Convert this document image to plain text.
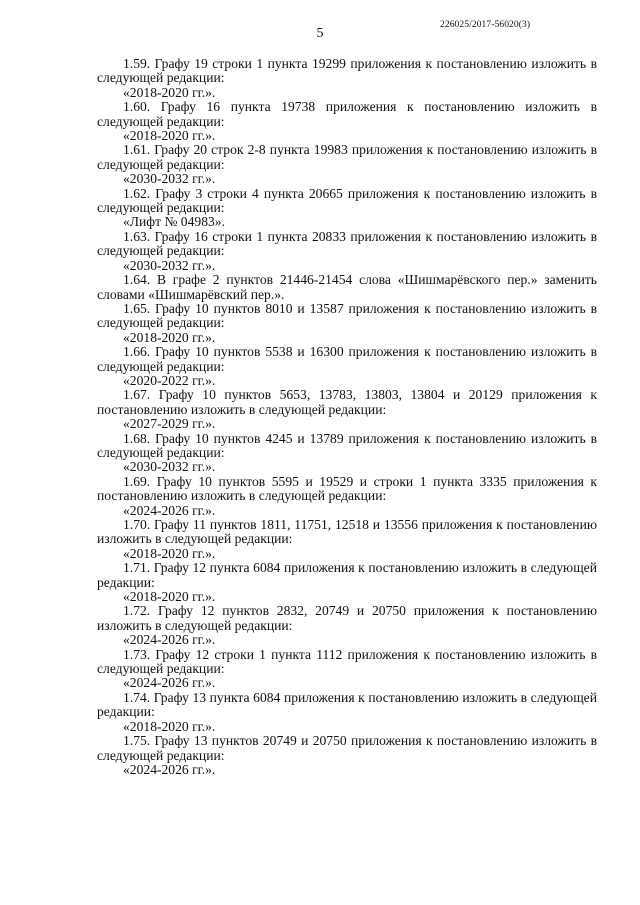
226025/2017-56020(3)
5

1.59. Графу 19 строки 1 пункта 19299 приложения к постановлению изложить в следующей редакции:

«2018-2020 гг.».

1.60. Графу 16 пункта 19738 приложения к постановлению изложить в следующей редакции:

«2018-2020 гг.».

1.61. Графу 20 строк 2-8 пункта 19983 приложения к постановлению изложить в следующей редакции:

«2030-2032 гг.».

1.62. Графу 3 строки 4 пункта 20665 приложения к постановлению изложить в следующей редакции:

«Лифт № 04983».

1.63. Графу 16 строки 1 пункта 20833 приложения к постановлению изложить в следующей редакции:

«2030-2032 гг.».

1.64. В графе 2 пунктов 21446-21454 слова «Шишмарёвского пер.» заменить словами «Шишмарёвский пер.».

1.65. Графу 10 пунктов 8010 и 13587 приложения к постановлению изложить в следующей редакции:

«2018-2020 гг.».

1.66. Графу 10 пунктов 5538 и 16300 приложения к постановлению изложить в следующей редакции:

«2020-2022 гг.».

1.67. Графу 10 пунктов 5653, 13783, 13803, 13804 и 20129 приложения к постановлению изложить в следующей редакции:

«2027-2029 гг.».

1.68. Графу 10 пунктов 4245 и 13789 приложения к постановлению изложить в следующей редакции:

«2030-2032 гг.».

1.69. Графу 10 пунктов 5595 и 19529 и строки 1 пункта 3335 приложения к постановлению изложить в следующей редакции:

«2024-2026 гг.».

1.70. Графу 11 пунктов 1811, 11751, 12518 и 13556 приложения к постановлению изложить в следующей редакции:

«2018-2020 гг.».

1.71. Графу 12 пункта 6084 приложения к постановлению изложить в следующей редакции:

«2018-2020 гг.».

1.72. Графу 12 пунктов 2832, 20749 и 20750 приложения к постановлению изложить в следующей редакции:

«2024-2026 гг.».

1.73. Графу 12 строки 1 пункта 1112 приложения к постановлению изложить в следующей редакции:

«2024-2026 гг.».

1.74. Графу 13 пункта 6084 приложения к постановлению изложить в следующей редакции:

«2018-2020 гг.».

1.75. Графу 13 пунктов 20749 и 20750 приложения к постановлению изложить в следующей редакции:

«2024-2026 гг.».
